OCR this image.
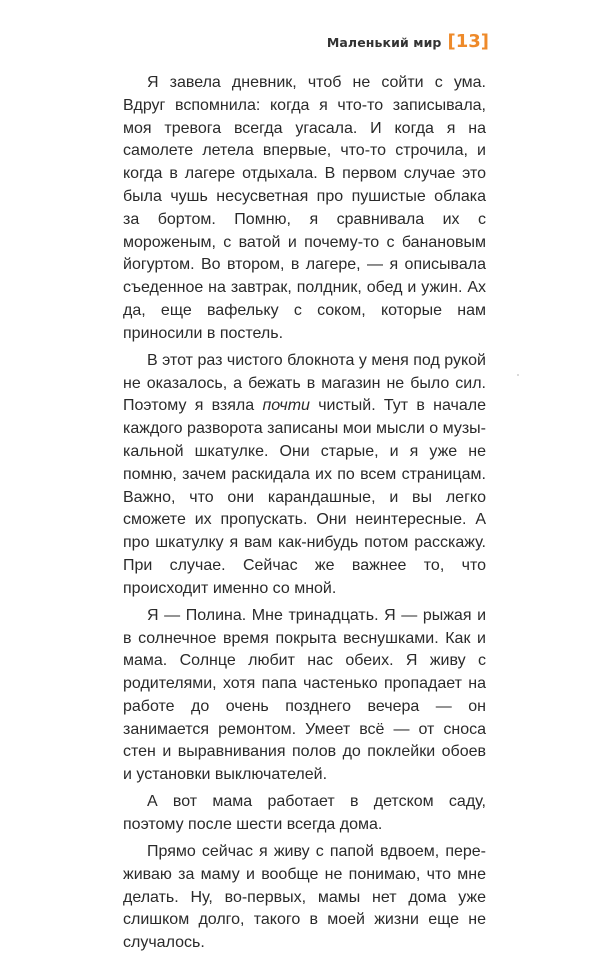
Маленький мир [13]

Я завела дневник, чтоб не сойти с ума. Вдруг вспомнила: когда я что-то записывала, моя тревога всегда угасала. И когда я на самолете летела впервые, что-то строчила, и когда в лагере отдыхала. В первом случае это была чушь несусветная про пушистые облака за бортом. Помню, я сравнивала их с мороженым, с ватой и почему-то с банановым йогуртом. Во втором, в лагере, — я описывала съеденное на завтрак, полдник, обед и ужин. Ах да, еще вафельку с соком, которые нам приносили в постель.

В этот раз чистого блокнота у меня под рукой не оказалось, а бежать в магазин не было сил. Поэтому я взяла почти чистый. Тут в начале каждого разворота записаны мои мысли о музыкальной шкатулке. Они старые, и я уже не помню, зачем раскидала их по всем страницам. Важно, что они карандашные, и вы легко сможете их пропускать. Они неинтересные. А про шкатулку я вам как-нибудь потом расскажу. При случае. Сейчас же важнее то, что происходит именно со мной.

Я — Полина. Мне тринадцать. Я — рыжая и в солнечное время покрыта веснушками. Как и мама. Солнце любит нас обеих. Я живу с родителями, хотя папа частенько пропадает на работе до очень позднего вечера — он занимается ремонтом. Умеет всё — от сноса стен и выравнивания полов до поклейки обоев и установки выключателей.

А вот мама работает в детском саду, поэтому после шести всегда дома.

Прямо сейчас я живу с папой вдвоем, переживаю за маму и вообще не понимаю, что мне делать. Ну, во-первых, мамы нет дома уже слишком долго, такого в моей жизни еще не случалось.
